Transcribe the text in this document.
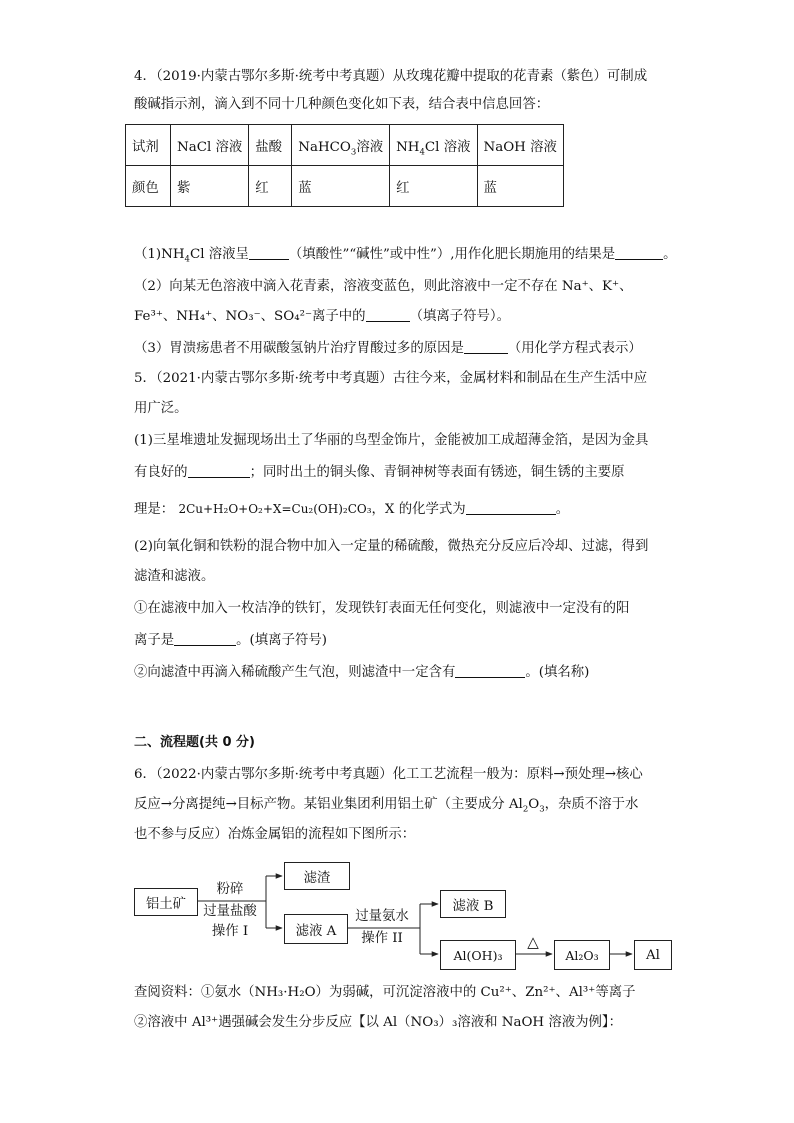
4．（2019·内蒙古鄂尔多斯·统考中考真题）从玫瑰花瓣中提取的花青素（紫色）可制成
酸碱指示剂，滴入到不同十几种颜色变化如下表，结合表中信息回答：
试剂	NaCl 溶液	盐酸	NaHCO$_3$溶液	$NH_4Cl$ 溶液	NaOH 溶液
颜色	紫	红	蓝	红	蓝
$(1)NH_4Cl$ 溶液呈	（填酸性”“碱性”或中性”）,用作化肥长期施用的结果是	。
（2）向某无色溶液中滴入花青素，溶液变蓝色，则此溶液中一定不存在 Na⁺、K⁺、
Fe³⁺、NH₄⁺、NO₃⁻、SO₄²⁻离子中的	（填离子符号）。
（3）胃溃疡患者不用碳酸氢钠片治疗胃酸过多的原因是	（用化学方程式表示）
5．（2021·内蒙古鄂尔多斯·统考中考真题）古往今来，金属材料和制品在生产生活中应
用广泛。
(1)三星堆遗址发掘现场出土了华丽的鸟型金饰片，金能被加工成超薄金箔，是因为金具
有良好的	；同时出土的铜头像、青铜神树等表面有锈迹，铜生锈的主要原
理是： 2Cu+H₂O+O₂+X=Cu₂(OH)₂CO₃，X 的化学式为	。
(2)向氧化铜和铁粉的混合物中加入一定量的稀硫酸，微热充分反应后冷却、过滤，得到
滤渣和滤液。
①在滤液中加入一枚洁净的铁钉，发现铁钉表面无任何变化，则滤液中一定没有的阳
离子是	。(填离子符号)
②向滤渣中再滴入稀硫酸产生气泡，则滤渣中一定含有	。(填名称)
二、流程题(共 0 分)
6．（2022·内蒙古鄂尔多斯·统考中考真题）化工工艺流程一般为：原料→预处理→核心
反应→分离提纯→目标产物。某铝业集团利用铝土矿（主要成分 $Al_2O_3$，杂质不溶于水
也不参与反应）冶炼金属铝的流程如下图所示：
铝土矿
滤渣
滤液 A
滤液 B
Al(OH)₃	Al₂O₃	Al
粉碎
过量盐酸
操作 I
过量氨水
操作 II	△
查阅资料：①氨水（NH₃·H₂O）为弱碱，可沉淀溶液中的 Cu²⁺、Zn²⁺、Al³⁺等离子
②溶液中 Al³⁺遇强碱会发生分步反应【以 Al（NO₃）₃溶液和 NaOH 溶液为例】：
